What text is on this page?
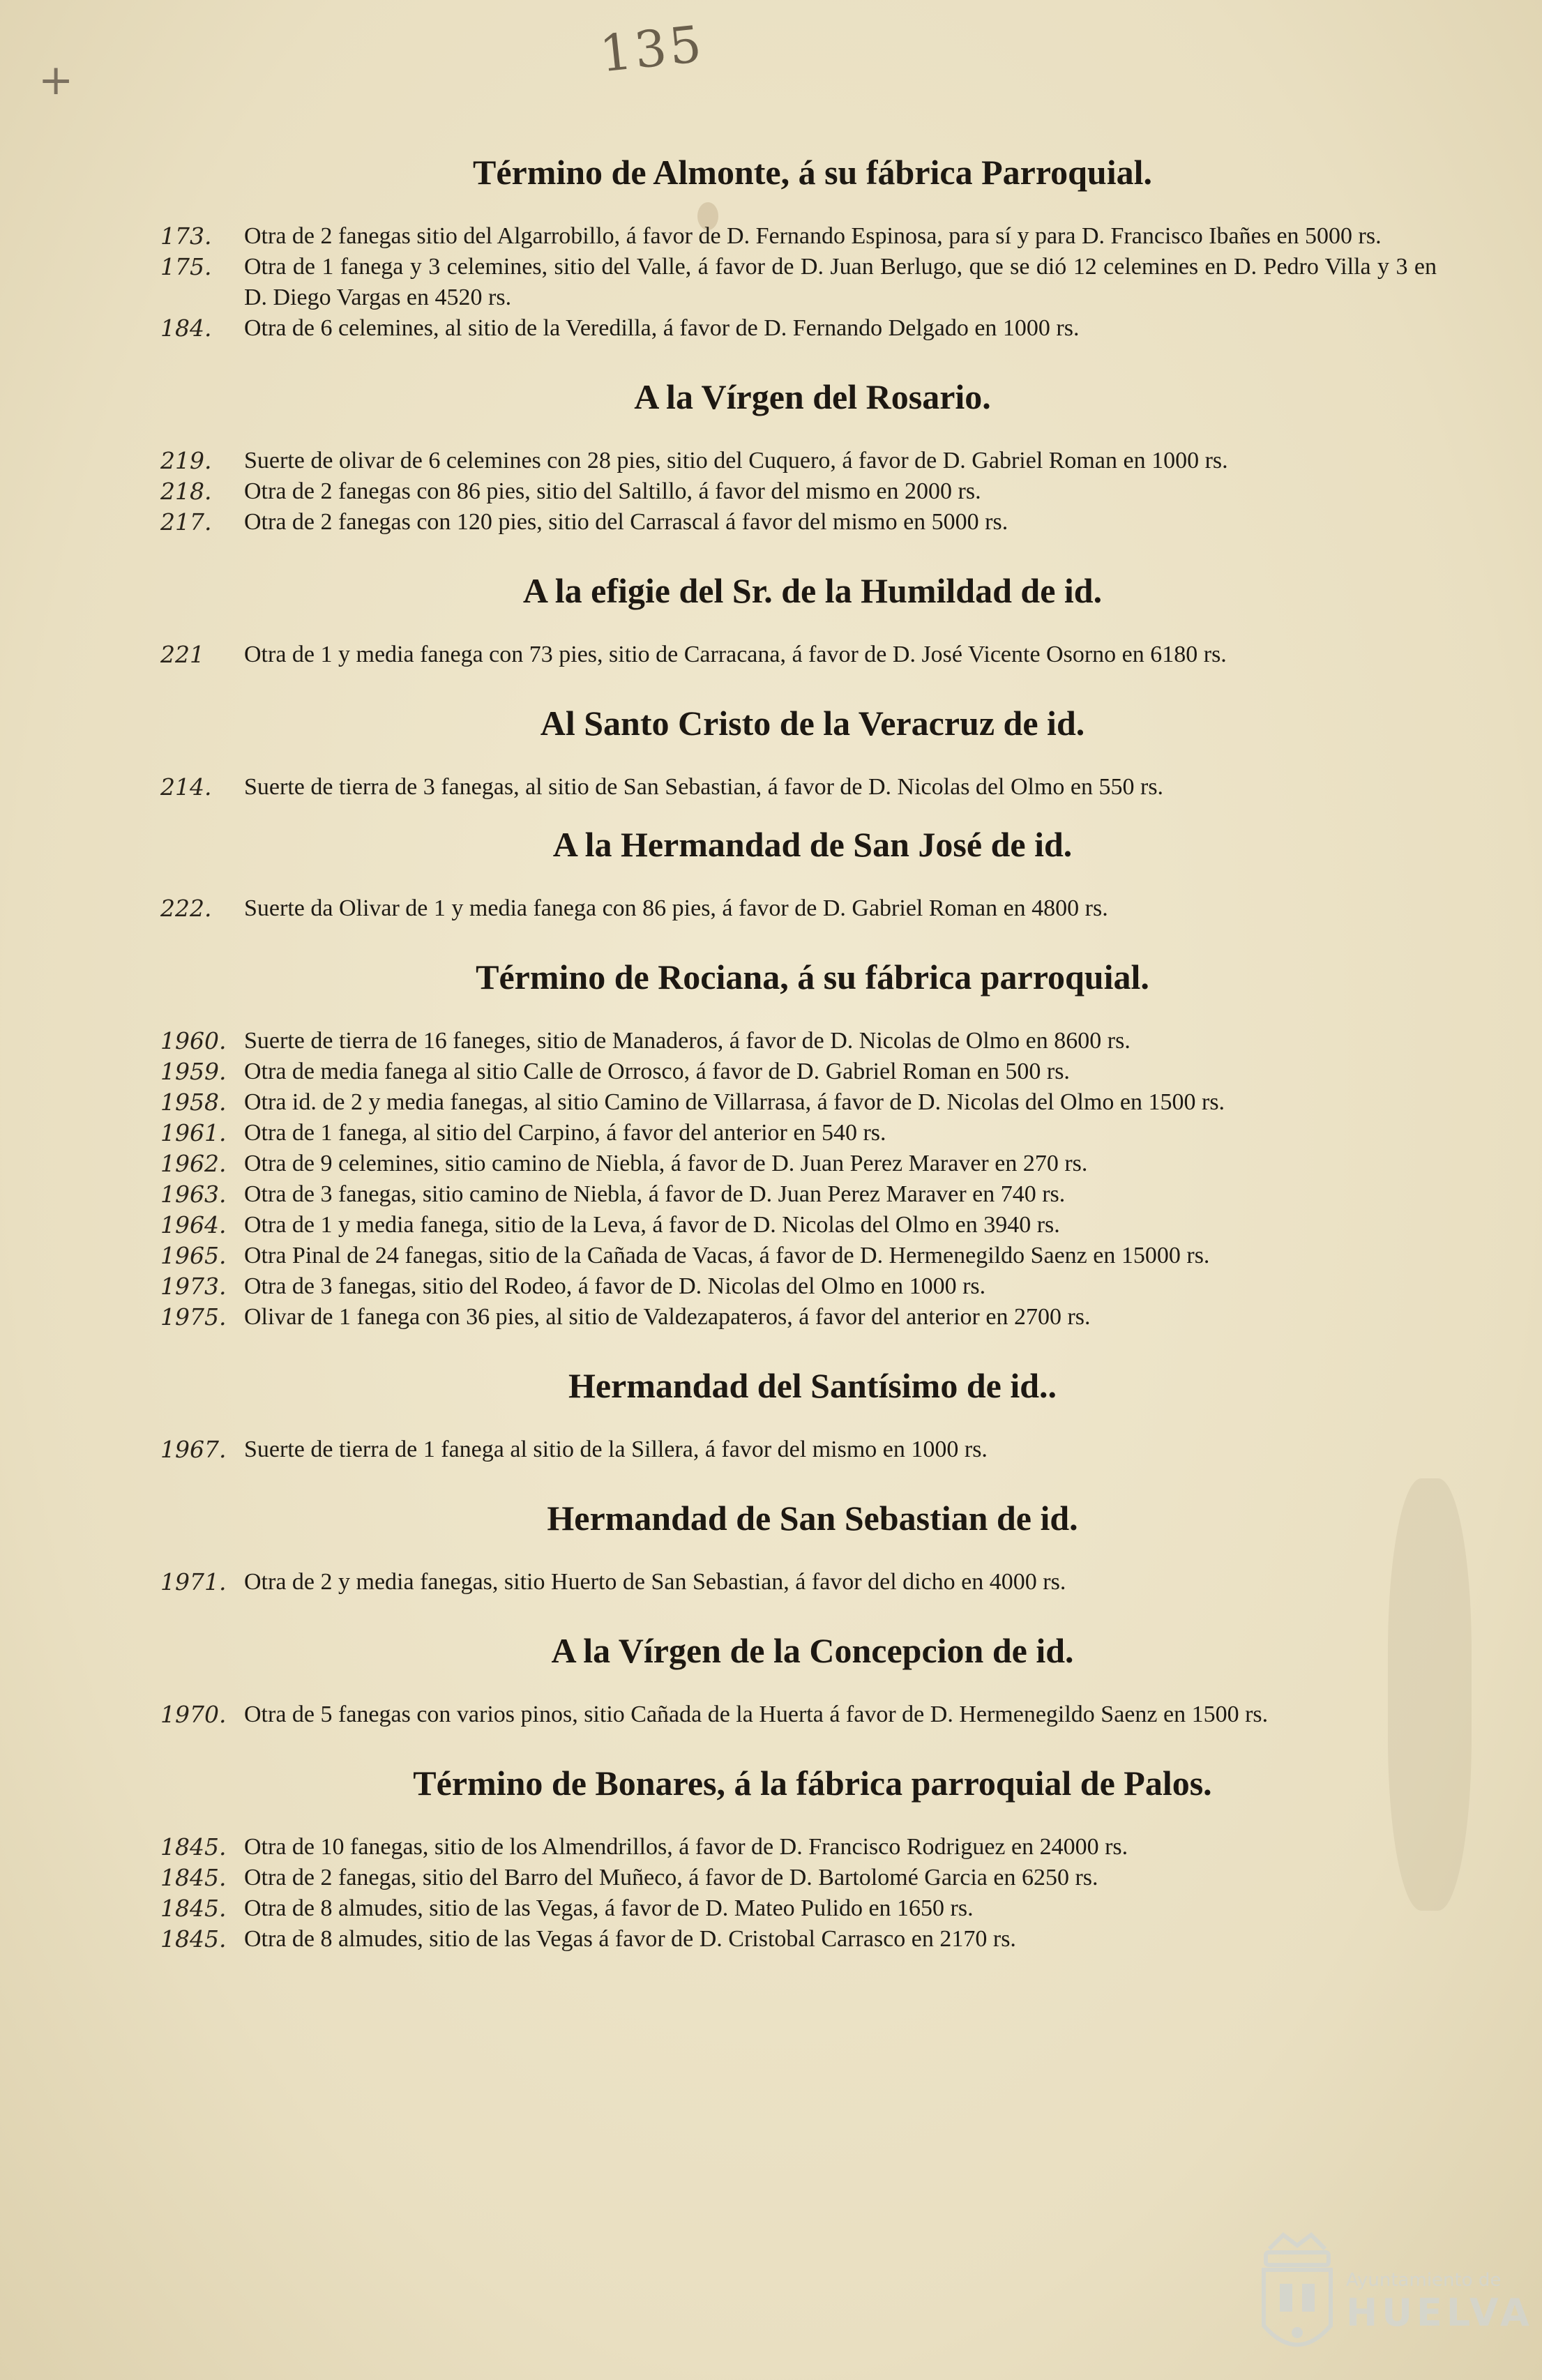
+	135
Término de Almonte, á su fábrica Parroquial.
173.	Otra de 2 fanegas sitio del Algarrobillo, á favor de D. Fernando Espinosa, para sí y para D. Francisco Ibañes en 5000 rs.
175.	Otra de 1 fanega y 3 celemines, sitio del Valle, á favor de D. Juan Berlugo, que se dió 12 celemines en D. Pedro Villa y 3 en D. Diego Vargas en 4520 rs.
184.	Otra de 6 celemines, al sitio de la Veredilla, á favor de D. Fernando Delgado en 1000 rs.
A la Vírgen del Rosario.
219.	Suerte de olivar de 6 celemines con 28 pies, sitio del Cuquero, á favor de D. Gabriel Roman en 1000 rs.
218.	Otra de 2 fanegas con 86 pies, sitio del Saltillo, á favor del mismo en 2000 rs.
217.	Otra de 2 fanegas con 120 pies, sitio del Carrascal á favor del mismo en 5000 rs.
A la efigie del Sr. de la Humildad de id.
221	Otra de 1 y media fanega con 73 pies, sitio de Carracana, á favor de D. José Vicente Osorno en 6180 rs.
Al Santo Cristo de la Veracruz de id.
214.	Suerte de tierra de 3 fanegas, al sitio de San Sebastian, á favor de D. Nicolas del Olmo en 550 rs.
A la Hermandad de San José de id.
222.	Suerte da Olivar de 1 y media fanega con 86 pies, á favor de D. Gabriel Roman en 4800 rs.
Término de Rociana, á su fábrica parroquial.
1960. Suerte de tierra de 16 faneges, sitio de Manaderos, á favor de D. Nicolas de Olmo en 8600 rs.
1959. Otra de media fanega al sitio Calle de Orrosco, á favor de D. Gabriel Roman en 500 rs.
1958. Otra id. de 2 y media fanegas, al sitio Camino de Villarrasa, á favor de D. Nicolas del Olmo en 1500 rs.
1961. Otra de 1 fanega, al sitio del Carpino, á favor del anterior en 540 rs.
1962. Otra de 9 celemines, sitio camino de Niebla, á favor de D. Juan Perez Maraver en 270 rs.
1963. Otra de 3 fanegas, sitio camino de Niebla, á favor de D. Juan Perez Maraver en 740 rs.
1964. Otra de 1 y media fanega, sitio de la Leva, á favor de D. Nicolas del Olmo en 3940 rs.
1965. Otra Pinal de 24 fanegas, sitio de la Cañada de Vacas, á favor de D. Hermenegildo Saenz en 15000 rs.
1973. Otra de 3 fanegas, sitio del Rodeo, á favor de D. Nicolas del Olmo en 1000 rs.
1975. Olivar de 1 fanega con 36 pies, al sitio de Valdezapateros, á favor del anterior en 2700 rs.
Hermandad del Santísimo de id..
1967. Suerte de tierra de 1 fanega al sitio de la Sillera, á favor del mismo en 1000 rs.
Hermandad de San Sebastian de id.
1971. Otra de 2 y media fanegas, sitio Huerto de San Sebastian, á favor del dicho en 4000 rs.
A la Vírgen de la Concepcion de id.
1970. Otra de 5 fanegas con varios pinos, sitio Cañada de la Huerta á favor de D. Hermenegildo Saenz en 1500 rs.
Término de Bonares, á la fábrica parroquial de Palos.
1845. Otra de 10 fanegas, sitio de los Almendrillos, á favor de D. Francisco Rodriguez en 24000 rs.
1845. Otra de 2 fanegas, sitio del Barro del Muñeco, á favor de D. Bartolomé Garcia en 6250 rs.
1845. Otra de 8 almudes, sitio de las Vegas, á favor de D. Mateo Pulido en 1650 rs.
1845. Otra de 8 almudes, sitio de las Vegas á favor de D. Cristobal Carrasco en 2170 rs.
Ayuntamiento de
HUELVA
